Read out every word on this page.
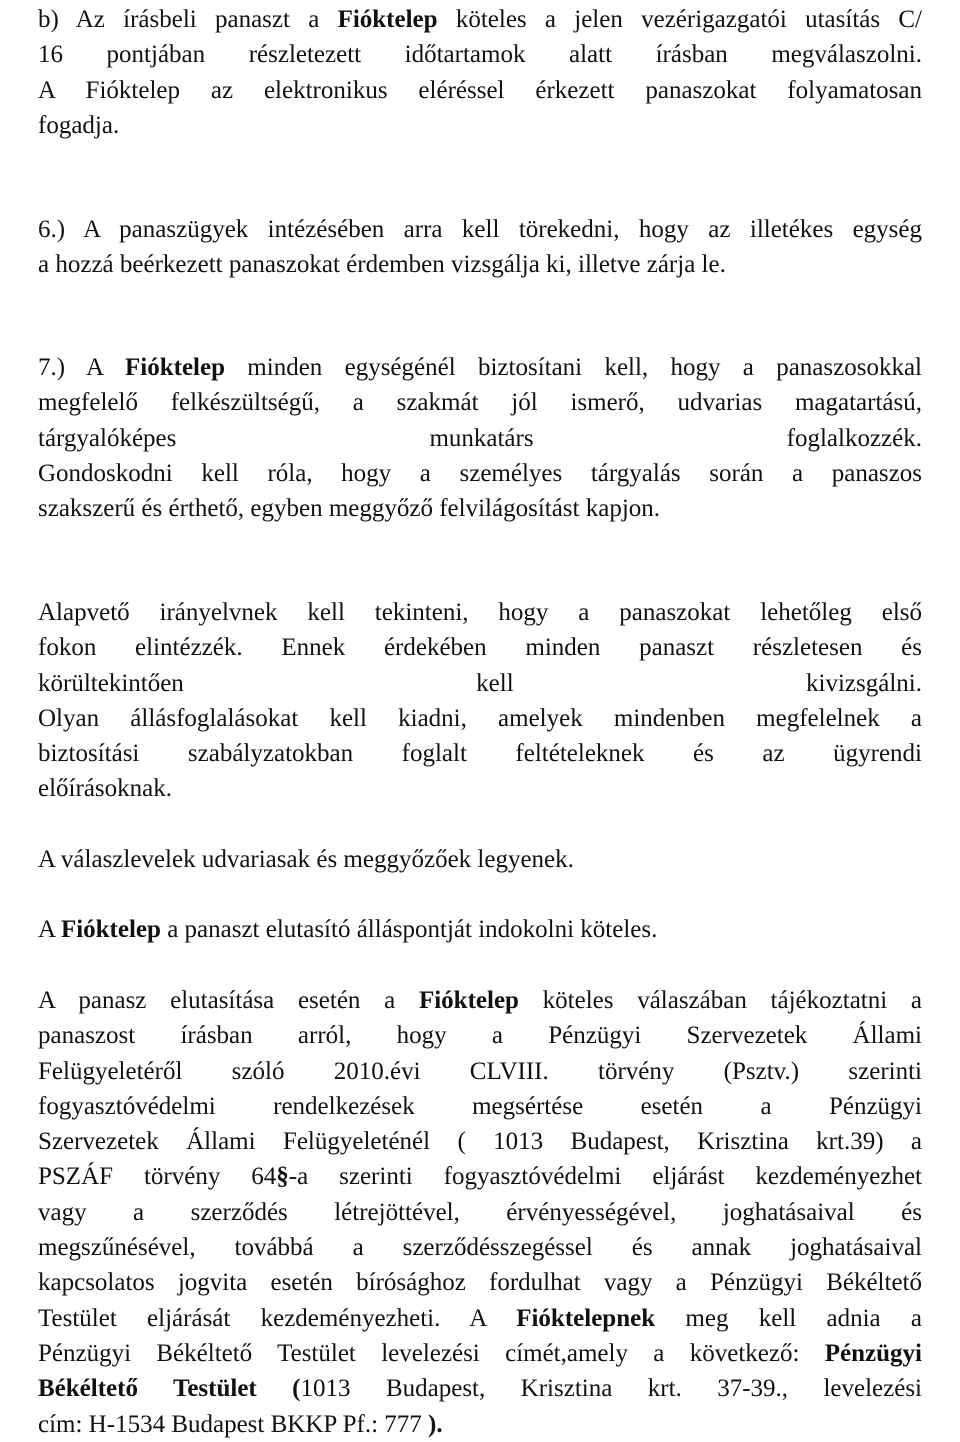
b) Az írásbeli panaszt a Fióktelep köteles a jelen vezérigazgatói utasítás C/
16 pontjában részletezett időtartamok alatt írásban megválaszolni.
A Fióktelep az elektronikus eléréssel érkezett panaszokat folyamatosan
fogadja.
6.) A panaszügyek intézésében arra kell törekedni, hogy az illetékes egység
a hozzá beérkezett panaszokat érdemben vizsgálja ki, illetve zárja le.
7.) A Fióktelep minden egységénél biztosítani kell, hogy a panaszosokkal
megfelelő felkészültségű, a szakmát jól ismerő, udvarias magatartású,
tárgyalóképes munkatárs foglalkozzék.
Gondoskodni kell róla, hogy a személyes tárgyalás során a panaszos
szakszerű és érthető, egyben meggyőző felvilágosítást kapjon.
Alapvető irányelvnek kell tekinteni, hogy a panaszokat lehetőleg első
fokon elintézzék. Ennek érdekében minden panaszt részletesen és
körültekintően kell kivizsgálni.
Olyan állásfoglalásokat kell kiadni, amelyek mindenben megfelelnek a
biztosítási szabályzatokban foglalt feltételeknek és az ügyrendi
előírásoknak.
A válaszlevelek udvariasak és meggyőzőek legyenek.
A Fióktelep a panaszt elutasító álláspontját indokolni köteles.
A panasz elutasítása esetén a Fióktelep köteles válaszában tájékoztatni a
panaszost írásban arról, hogy a Pénzügyi Szervezetek Állami
Felügyeletéről szóló 2010.évi CLVIII. törvény (Psztv.) szerinti
fogyasztóvédelmi rendelkezések megsértése esetén a Pénzügyi
Szervezetek Állami Felügyeleténél ( 1013 Budapest, Krisztina krt.39) a
PSZÁF törvény 64§-a szerinti fogyasztóvédelmi eljárást kezdeményezhet
vagy a szerződés létrejöttével, érvényességével, joghatásaival és
megszűnésével, továbbá a szerződésszegéssel és annak joghatásaival
kapcsolatos jogvita esetén bírósághoz fordulhat vagy a Pénzügyi Békéltető
Testület eljárását kezdeményezheti. A Fióktelepnek meg kell adnia a
Pénzügyi Békéltető Testület levelezési címét,amely a következő: Pénzügyi
Békéltető Testület (1013 Budapest, Krisztina krt. 37-39., levelezési
cím: H-1534 Budapest BKKP Pf.: 777 ).
